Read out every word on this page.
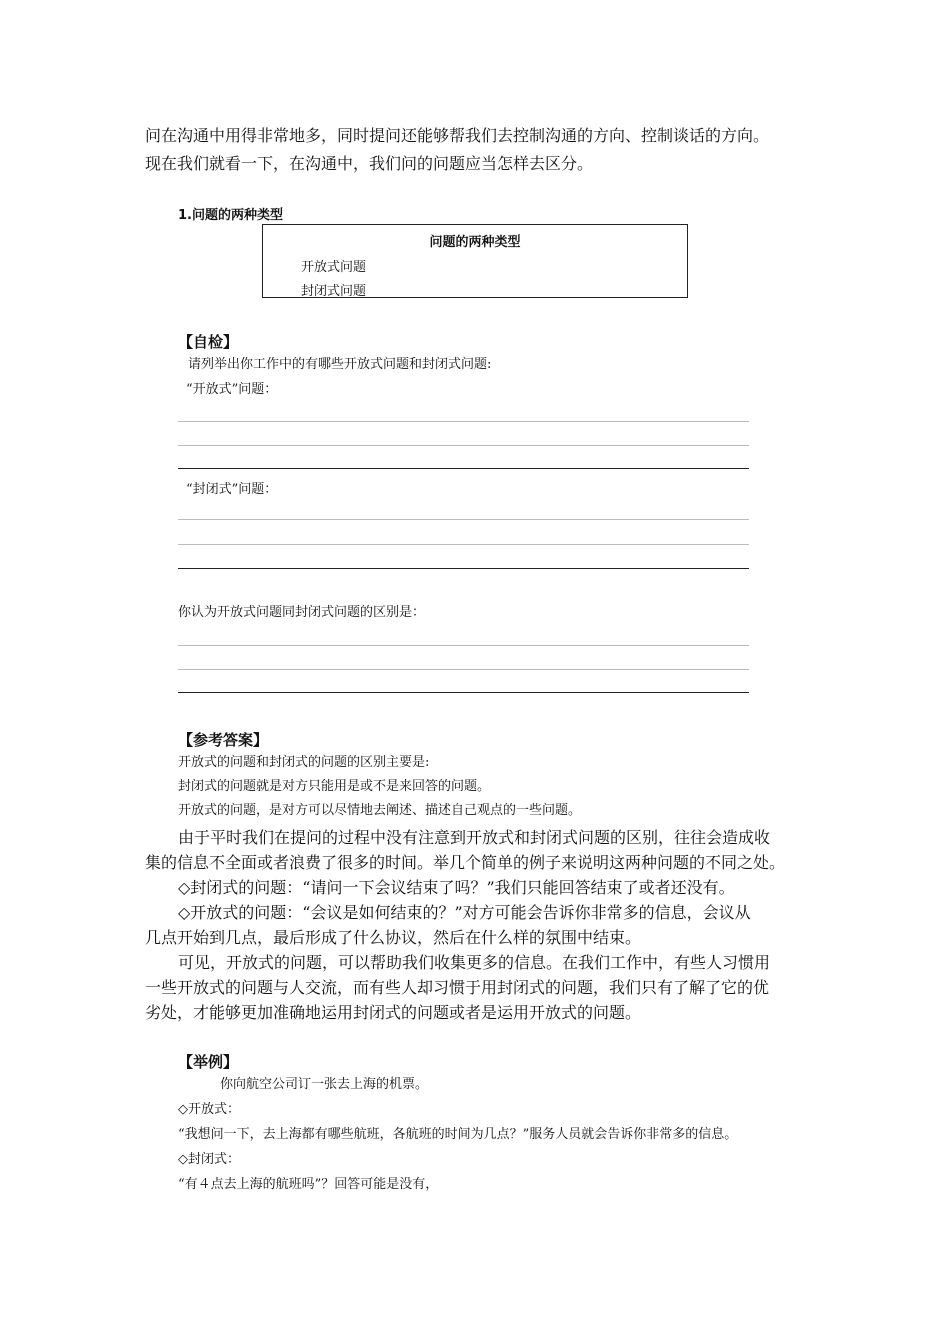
问在沟通中用得非常地多，同时提问还能够帮我们去控制沟通的方向、控制谈话的方向。
现在我们就看一下，在沟通中，我们问的问题应当怎样去区分。
1.问题的两种类型
问题的两种类型
开放式问题
封闭式问题
【自检】
请列举出你工作中的有哪些开放式问题和封闭式问题:
“开放式”问题：
“封闭式”问题：
你认为开放式问题同封闭式问题的区别是：
【参考答案】
开放式的问题和封闭式的问题的区别主要是:
封闭式的问题就是对方只能用是或不是来回答的问题。
开放式的问题，是对方可以尽情地去阐述、描述自己观点的一些问题。
由于平时我们在提问的过程中没有注意到开放式和封闭式问题的区别，往往会造成收
集的信息不全面或者浪费了很多的时间。举几个简单的例子来说明这两种问题的不同之处。
◇封闭式的问题：“请问一下会议结束了吗？”我们只能回答结束了或者还没有。
◇开放式的问题：“会议是如何结束的？”对方可能会告诉你非常多的信息，会议从
几点开始到几点，最后形成了什么协议，然后在什么样的氛围中结束。
可见，开放式的问题，可以帮助我们收集更多的信息。在我们工作中，有些人习惯用
一些开放式的问题与人交流，而有些人却习惯于用封闭式的问题，我们只有了解了它的优
劣处，才能够更加准确地运用封闭式的问题或者是运用开放式的问题。
【举例】
你向航空公司订一张去上海的机票。
◇开放式：
“我想问一下，去上海都有哪些航班，各航班的时间为几点？”服务人员就会告诉你非常多的信息。
◇封闭式：
“有４点去上海的航班吗”？回答可能是没有，
